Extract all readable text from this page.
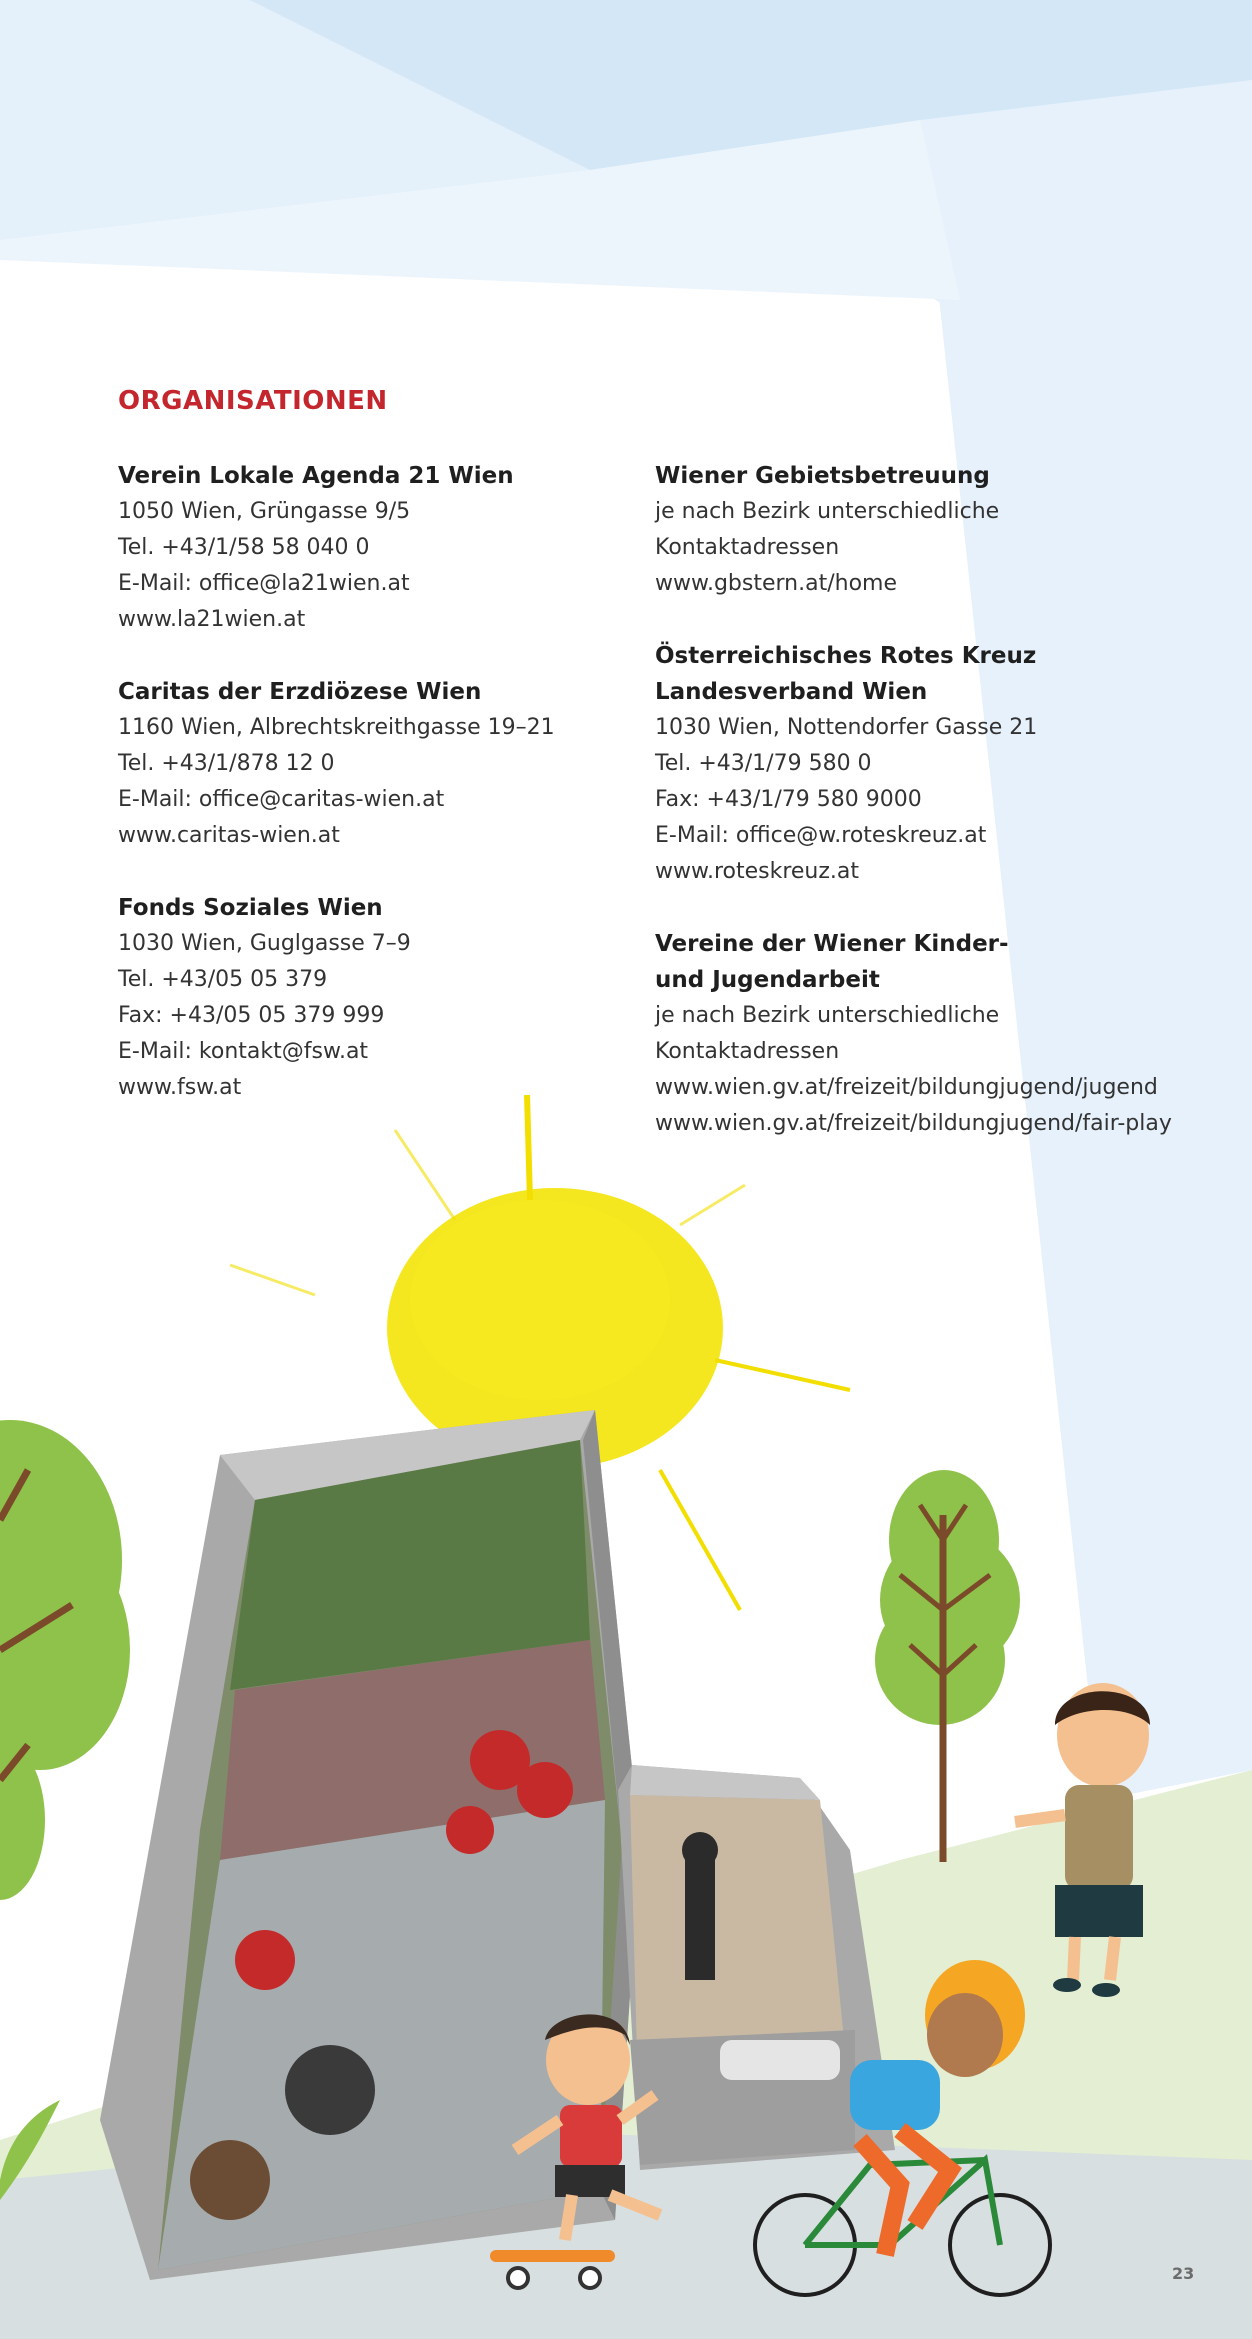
ORGANISATIONEN
Verein Lokale Agenda 21 Wien
1050 Wien, Grüngasse 9/5
Tel. +43/1/58 58 040 0
E-Mail: office@la21wien.at
www.la21wien.at
Caritas der Erzdiözese Wien
1160 Wien, Albrechtskreithgasse 19–21
Tel. +43/1/878 12 0
E-Mail: office@caritas-wien.at
www.caritas-wien.at
Fonds Soziales Wien
1030 Wien, Guglgasse 7–9
Tel. +43/05 05 379
Fax: +43/05 05 379 999
E-Mail: kontakt@fsw.at
www.fsw.at
Wiener Gebietsbetreuung
je nach Bezirk unterschiedliche
Kontaktadressen
www.gbstern.at/home
Österreichisches Rotes Kreuz
Landesverband Wien
1030 Wien, Nottendorfer Gasse 21
Tel. +43/1/79 580 0
Fax: +43/1/79 580 9000
E-Mail: office@w.roteskreuz.at
www.roteskreuz.at
Vereine der Wiener Kinder-
und Jugendarbeit
je nach Bezirk unterschiedliche
Kontaktadressen
www.wien.gv.at/freizeit/bildungjugend/jugend
www.wien.gv.at/freizeit/bildungjugend/fair-play
23
